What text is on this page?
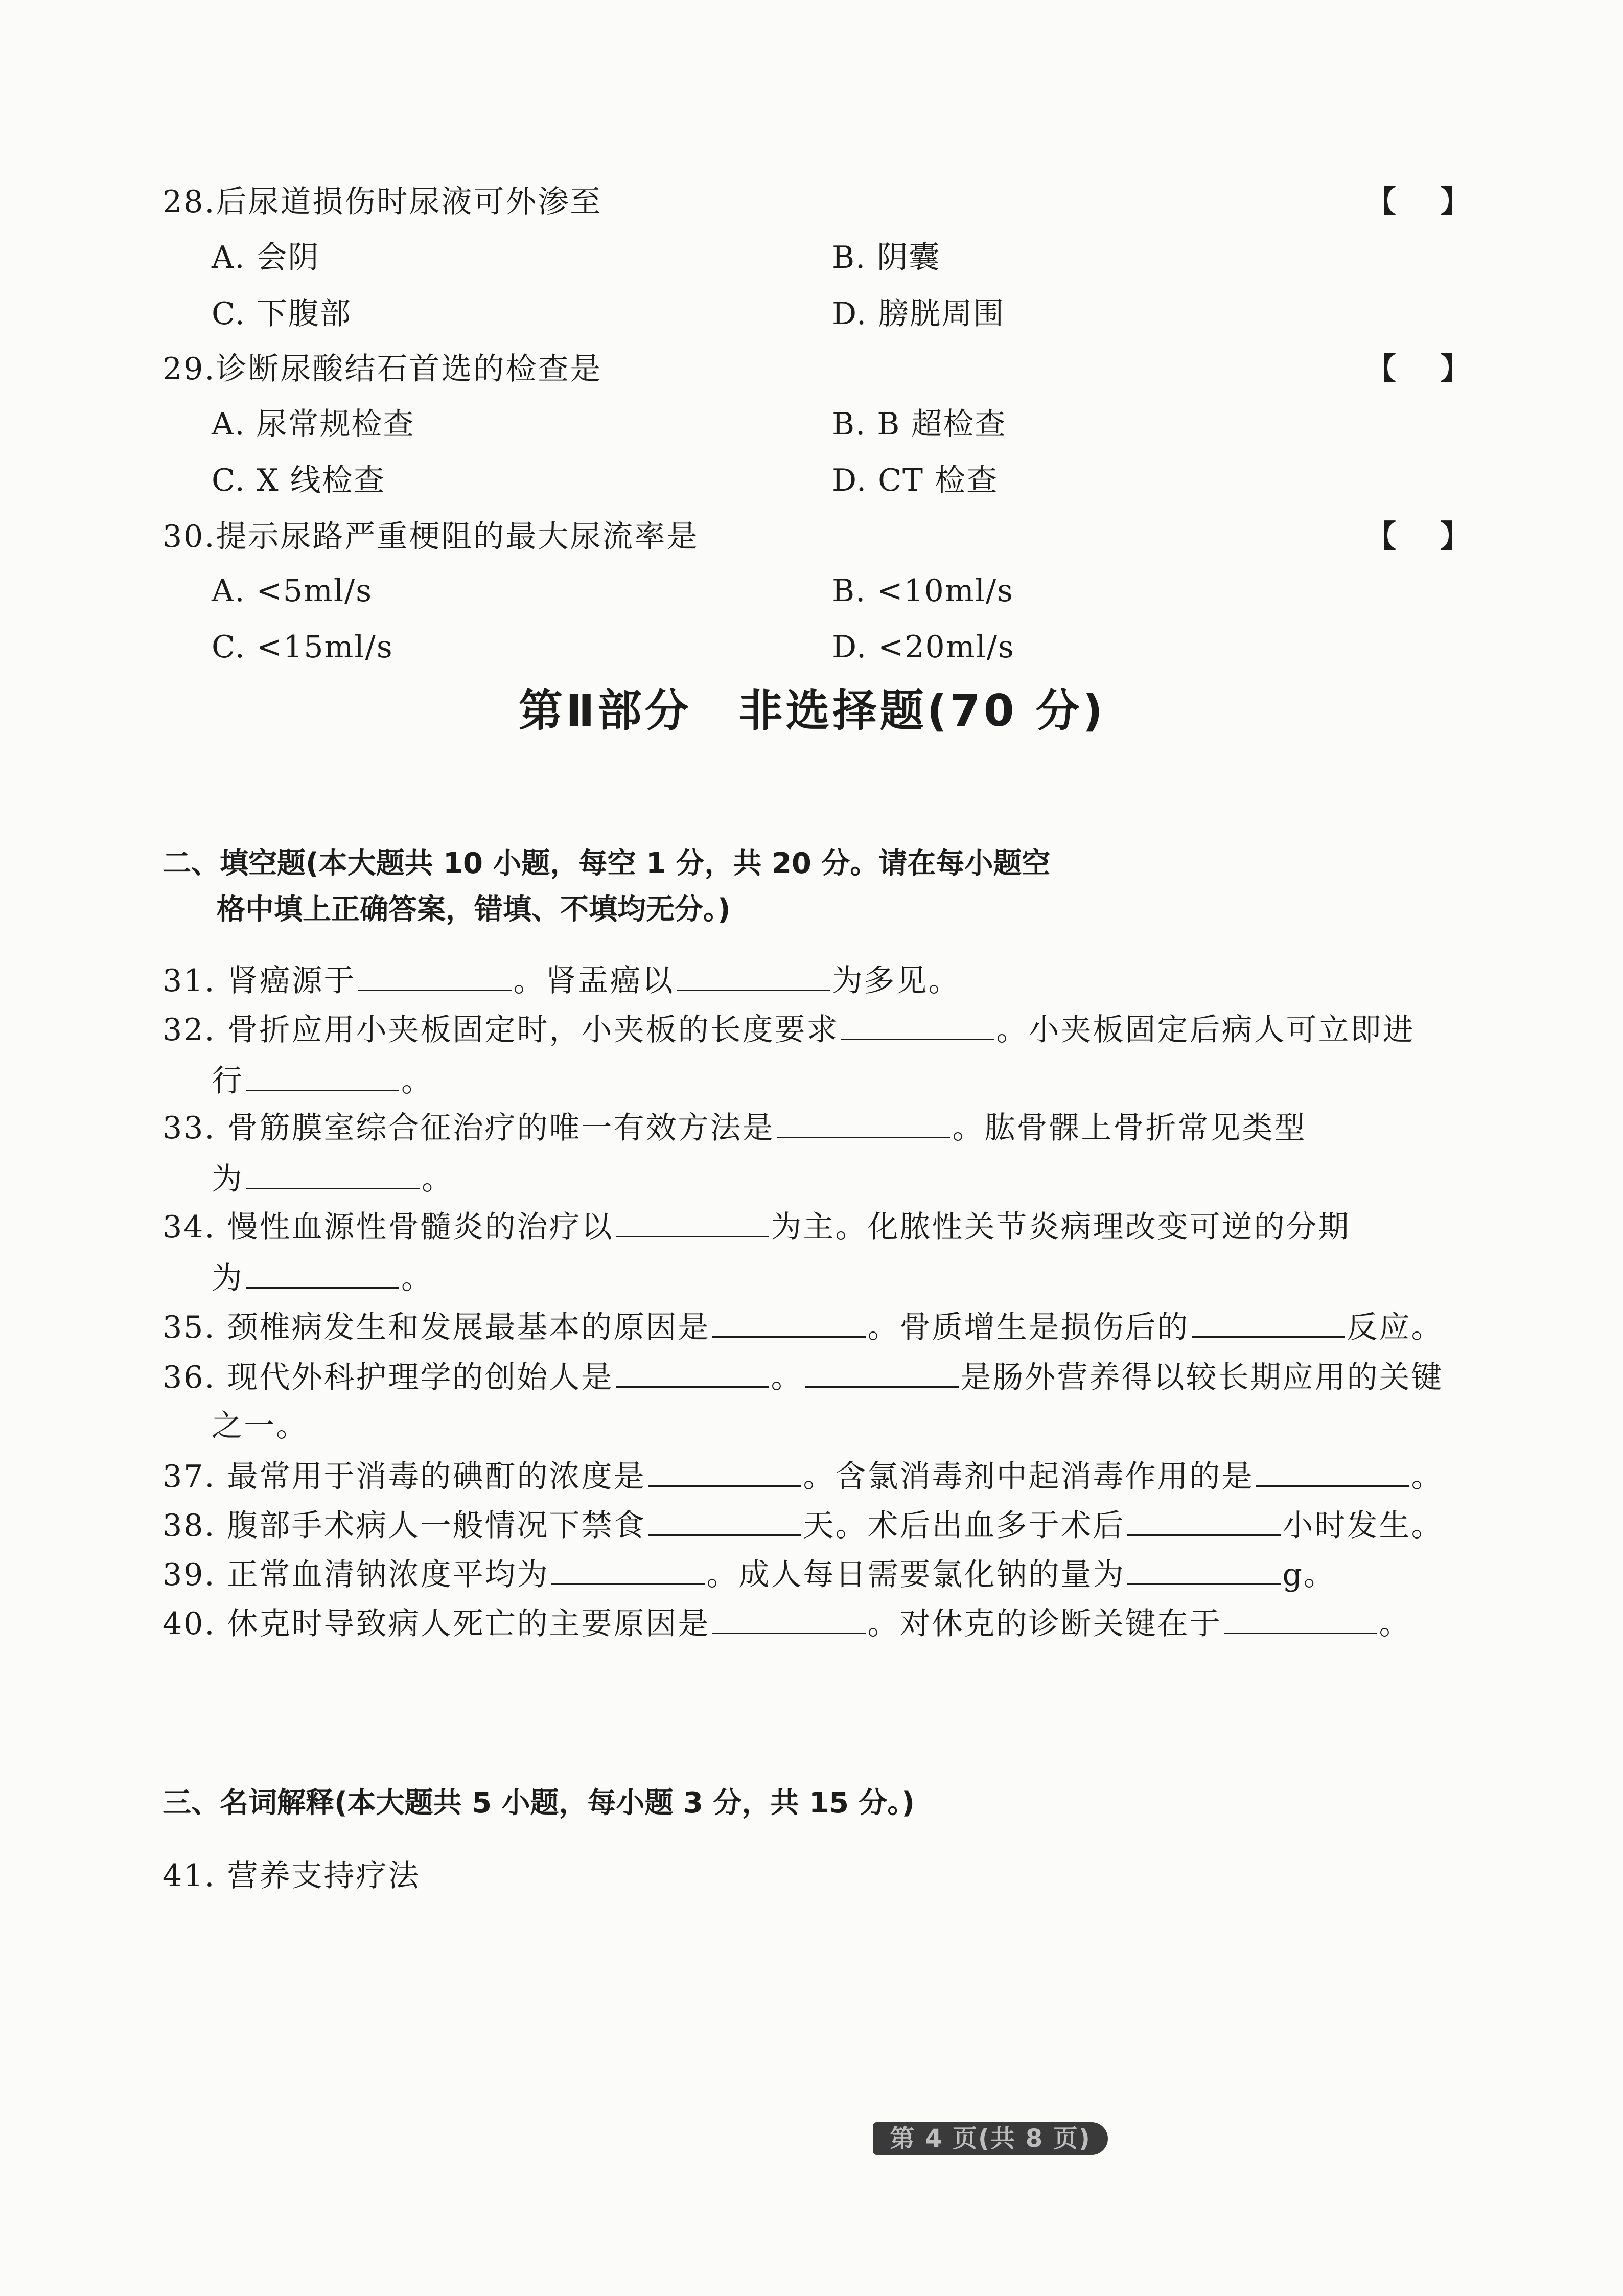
28.后尿道损伤时尿液可外渗至	【 】
A. 会阴	B. 阴囊
C. 下腹部	D. 膀胱周围
29.诊断尿酸结石首选的检查是	【 】
A. 尿常规检查	B. B 超检查
C. X 线检查	D. CT 检查
30.提示尿路严重梗阻的最大尿流率是	【 】
A. <5ml/s	B. <10ml/s
C. <15ml/s	D. <20ml/s
第Ⅱ部分　非选择题(70 分)
二、填空题(本大题共 10 小题，每空 1 分，共 20 分。请在每小题空
格中填上正确答案，错填、不填均无分。)
31. 肾癌源于	。肾盂癌以	为多见。
32. 骨折应用小夹板固定时，小夹板的长度要求	。小夹板固定后病人可立即进
行	。
33. 骨筋膜室综合征治疗的唯一有效方法是	。肱骨髁上骨折常见类型
为	。
34. 慢性血源性骨髓炎的治疗以	为主。化脓性关节炎病理改变可逆的分期
为	。
35. 颈椎病发生和发展最基本的原因是	。骨质增生是损伤后的	反应。
36. 现代外科护理学的创始人是	。	是肠外营养得以较长期应用的关键
之一。
37. 最常用于消毒的碘酊的浓度是	。含氯消毒剂中起消毒作用的是	。
38. 腹部手术病人一般情况下禁食	天。术后出血多于术后	小时发生。
39. 正常血清钠浓度平均为	。成人每日需要氯化钠的量为	g。
40. 休克时导致病人死亡的主要原因是	。对休克的诊断关键在于	。
三、名词解释(本大题共 5 小题，每小题 3 分，共 15 分。)
41. 营养支持疗法
第 4 页(共 8 页)
